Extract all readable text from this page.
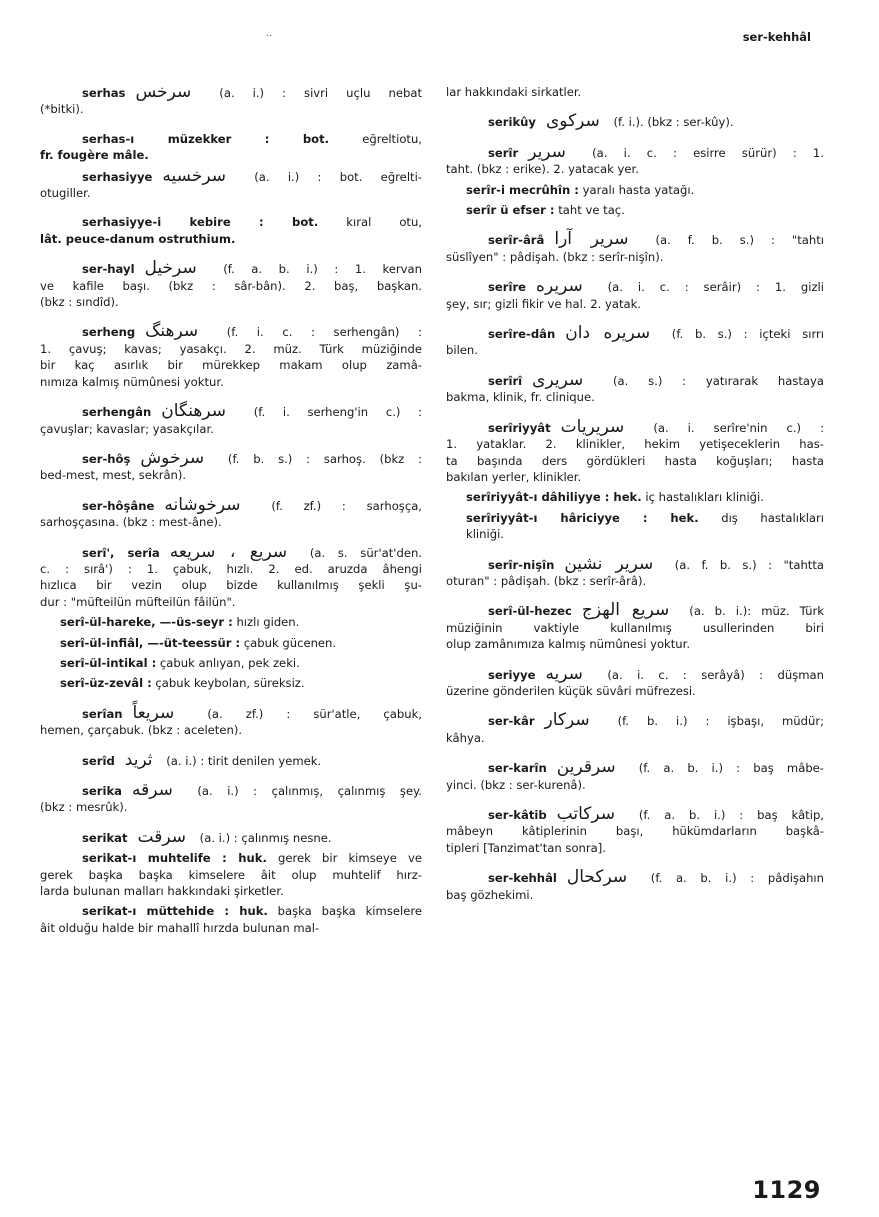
..	ser-kehhâl
serhas سرخس (a. i.) : sivri uçlu nebat
(*bitki).
serhas-ı müzekker : bot. eğreltiotu,
fr. fougère mâle.
serhasiyye سرخسیه (a. i.) : bot. eğrelti-
otugiller.
serhasiyye-i kebire : bot. kıral otu,
lât. peuce-danum ostruthium.
ser-hayl سرخیل (f. a. b. i.) : 1. kervan
ve kafile başı. (bkz : sâr-bân). 2. baş, başkan.
(bkz : sındîd).
serheng سرهنگ (f. i. c. : serhengân) :
1. çavuş; kavas; yasakçı. 2. müz. Türk müziğinde
bir kaç asırlık bir mürekkep makam olup zamâ-
nımıza kalmış nümûnesi yoktur.
serhengân سرهنگان (f. i. serheng'in c.) :
çavuşlar; kavaslar; yasakçılar.
ser-hôş سرخوش (f. b. s.) : sarhoş. (bkz :
bed-mest, mest, sekrân).
ser-hôşâne سرخوشانه (f. zf.) : sarhoşça,
sarhoşçasına. (bkz : mest-âne).
serî', serîa سريع ، سريعه (a. s. sür'at'den.
c. : sırâ') : 1. çabuk, hızlı. 2. ed. aruzda âhengi
hızlıca bir vezin olup bizde kullanılmış şekli şu-
dur : "müfteilün müfteilün fâilün".
serî-ül-hareke, —-üs-seyr : hızlı giden.
serî-ül-infiâl, —-üt-teessür : çabuk gücenen.
serî-ül-intikal : çabuk anlıyan, pek zeki.
serî-üz-zevâl : çabuk keybolan, süreksiz.
serîan سريعاً (a. zf.) : sür'atle, çabuk,
hemen, çarçabuk. (bkz : aceleten).
serîd ثريد (a. i.) : tirit denilen yemek.
serika سرقه (a. i.) : çalınmış, çalınmış şey.
(bkz : mesrûk).
serikat سرقت (a. i.) : çalınmış nesne.
serikat-ı muhtelife : huk. gerek bir kimseye ve
gerek başka başka kimselere âit olup muhtelif hırz-
larda bulunan malları hakkındaki şirketler.
serikat-ı müttehide : huk. başka başka kimselere
âit olduğu halde bir mahallî hırzda bulunan mal-
lar hakkındaki sirkatler.
serikûy سركوى (f. i.). (bkz : ser-kûy).
serîr سرير (a. i. c. : esirre sürür) : 1.
taht. (bkz : erike). 2. yatacak yer.
serîr-i mecrûhîn : yaralı hasta yatağı.
serîr ü efser : taht ve taç.
serîr-ârâ سرير آرا (a. f. b. s.) : "tahtı
süslîyen" : pâdişah. (bkz : serîr-nişîn).
serîre سريره (a. i. c. : serâir) : 1. gizli
şey, sır; gizli fikir ve hal. 2. yatak.
serîre-dân سريره دان (f. b. s.) : içteki sırrı
bilen.
serîrî سريرى (a. s.) : yatırarak hastaya
bakma, klinik, fr. clinique.
serîriyyât سريريات (a. i. serîre'nin c.) :
1. yataklar. 2. klinikler, hekim yetişeceklerin has-
ta başında ders gördükleri hasta koğuşları; hasta
bakılan yerler, klinikler.
serîriyyât-ı dâhiliyye : hek. iç hastalıkları kliniği.
serîriyyât-ı hâriciyye : hek. dış hastalıkları
kliniği.
serîr-nişîn سرير نشين (a. f. b. s.) : "tahtta
oturan" : pâdişah. (bkz : serîr-ârâ).
serî-ül-hezec سريع الهزج (a. b. i.): müz. Türk
müziğinin vaktiyle kullanılmış usullerinden biri
olup zamânımıza kalmış nümûnesi yoktur.
seriyye سريه (a. i. c. : serâyâ) : düşman
üzerine gönderilen küçük süvâri müfrezesi.
ser-kâr سركار (f. b. i.) : işbaşı, müdür;
kâhya.
ser-karîn سرقرين (f. a. b. i.) : baş mâbe-
yinci. (bkz : ser-kurenâ).
ser-kâtib سركاتب (f. a. b. i.) : baş kâtip,
mâbeyn kâtiplerinin başı, hükümdarların başkâ-
tipleri [Tanzimat'tan sonra].
ser-kehhâl سركحال (f. a. b. i.) : pâdişahın
baş gözhekimi.
1129
